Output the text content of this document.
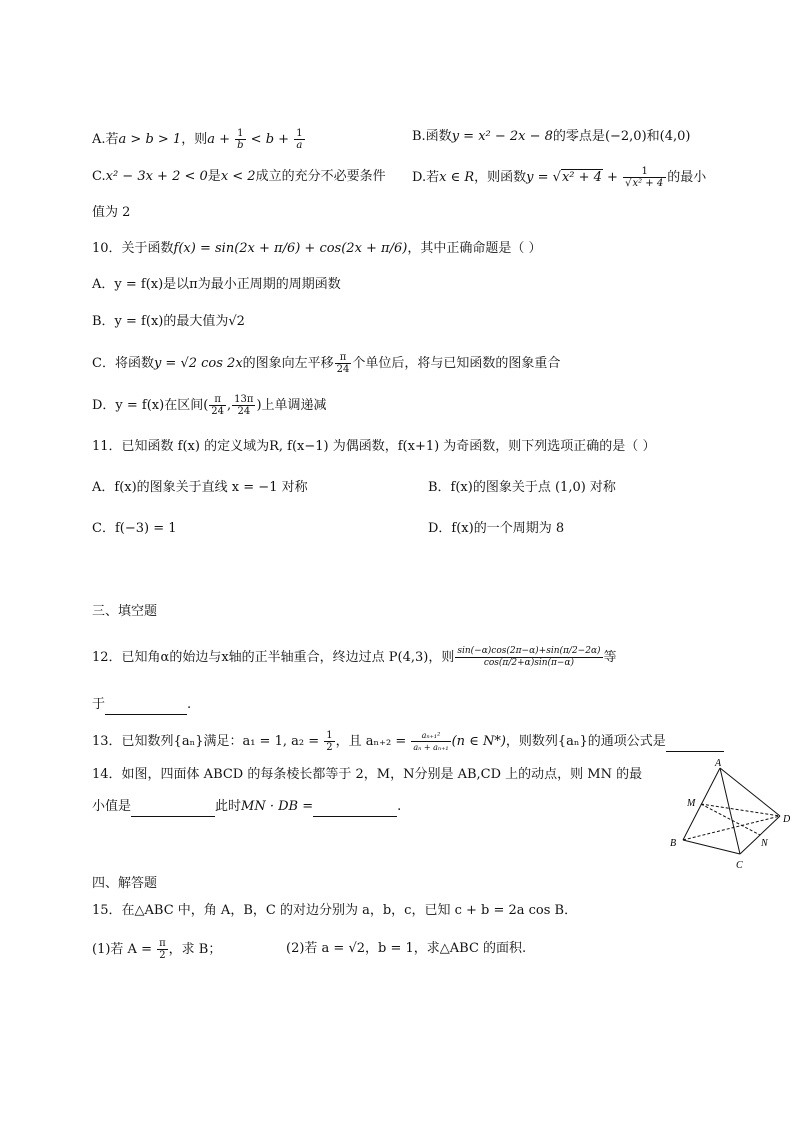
A.若a > b > 1，则$a + \frac{1}{b} < b + \frac{1}{a}$	B.函数y = x² − 2x − 8的零点是(−2,0)和(4,0)
C.x² − 3x + 2 < 0是x < 2成立的充分不必要条件 D.若x ∈ R，则函数$y = √x^2 + 4 + \frac{1}{\text{√x² + 4}}$ 的最小
值为 2
10．关于函数f(x) = sin(2x + π/6) + cos(2x + π/6)，其中正确命题是（ ）
A．y = f(x)是以π为最小正周期的周期函数
B．y = f(x)的最大值为√2
C．将函数y = √2 cos 2x的图象向左平移 $\frac{\pi}{24}$ 个单位后，将与已知函数的图象重合
D．y = f(x)在区间( $\frac{\pi}{24}$ , $\frac{13\pi}{24}$ )上单调递减
11．已知函数 f(x) 的定义域为R, f(x−1) 为偶函数，f(x+1) 为奇函数，则下列选项正确的是（ ）
A．f(x)的图象关于直线 x = −1 对称	B．f(x)的图象关于点 (1,0) 对称
C．f(−3) = 1	D．f(x)的一个周期为 8
三、填空题
12．已知角α的始边与x轴的正半轴重合，终边过点 P(4,3)，则 $\frac{\sin(-\alpha)\cos(2\pi-\alpha)+\sin(\pi/2-2\alpha)}{\cos(\pi/2+\alpha)\sin(\pi-\alpha)}$ 等
于	.
13．已知数列{aₙ}满足：a₁ = 1, $a_2 = \frac{1}{2}$ ，且 $a_{n+2} = \frac{\text{aₙ₊₁²}}{\text{aₙ + aₙ₊₁}} (n$ ∈ N*)，则数列{aₙ}的通项公式是
14．如图，四面体 ABCD 的每条棱长都等于 2，M，N分别是 AB,CD 上的动点，则 MN 的最
小值是	此时MN · DB =	.
A
B
C
D
M
N
四、解答题
15．在△ABC 中，角 A，B，C 的对边分别为 a，b，c，已知 c + b = 2a cos B．
(1)若 $A = \frac{\pi}{2}$ ，求 B；	(2)若 a = √2，b = 1，求△ABC 的面积.
